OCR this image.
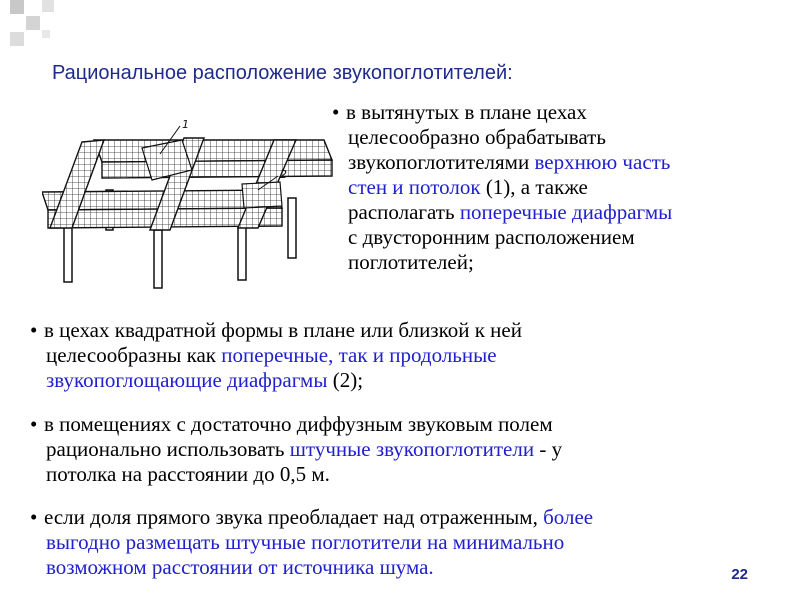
Рациональное расположение звукопоглотителей:
1
2
• в вытянутых в плане цехах
целесообразно обрабатывать
звукопоглотителями верхнюю часть
стен и потолок (1), а также
располагать поперечные диафрагмы
с двусторонним расположением
поглотителей;
• в цехах квадратной формы в плане или близкой к ней
целесообразны как поперечные, так и продольные
звукопоглощающие диафрагмы (2);
• в помещениях с достаточно диффузным звуковым полем
рационально использовать штучные звукопоглотители - у
потолка на расстоянии до 0,5 м.
• если доля прямого звука преобладает над отраженным, более
выгодно размещать штучные поглотители на минимально
возможном расстоянии от источника шума.	22
